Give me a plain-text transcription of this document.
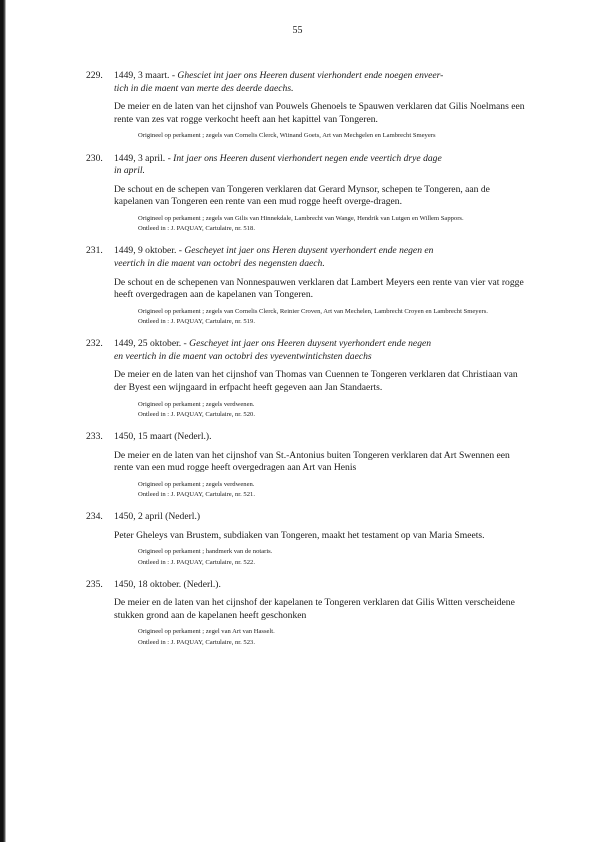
55
229. 1449, 3 maart. - Ghesciet int jaer ons Heeren dusent vierhondert ende noegen enveer-
tich in die maent van merte des deerde daechs.
De meier en de laten van het cijnshof van Pouwels Ghenoels te Spauwen verklaren dat Gilis Noelmans een rente van zes vat rogge verkocht heeft aan het kapittel van Tongeren.
Origineel op perkament ; zegels van Cornelis Clerck, Wiinand Goets, Art van Mechgelen en Lambrecht Smeyers
230. 1449, 3 april. - Int jaer ons Heeren dusent vierhondert negen ende veertich drye dage
in april.
De schout en de schepen van Tongeren verklaren dat Gerard Mynsor, schepen te Tongeren, aan de kapelanen van Tongeren een rente van een mud rogge heeft overge-dragen.
Origineel op perkament ; zegels van Gilis van Hinnekdale, Lambrecht van Wange, Hendrik van Lutgen en Willem Sappors.
Ontleed in : J. PAQUAY, Cartulaire, nr. 518.
231. 1449, 9 oktober. - Gescheyet int jaer ons Heren duysent vyerhondert ende negen en
veertich in die maent van octobri des negensten daech.
De schout en de schepenen van Nonnespauwen verklaren dat Lambert Meyers een rente van vier vat rogge heeft overgedragen aan de kapelanen van Tongeren.
Origineel op perkament ; zegels van Cornelis Clerck, Reinier Croven, Art van Mechelen, Lambrecht Croyen en Lambrecht Smeyers.
Ontleed in : J. PAQUAY, Cartulaire, nr. 519.
232. 1449, 25 oktober. - Gescheyet int jaer ons Heeren duysent vyerhondert ende negen
en veertich in die maent van octobri des vyeventwintichsten daechs
De meier en de laten van het cijnshof van Thomas van Cuennen te Tongeren verklaren dat Christiaan van der Byest een wijngaard in erfpacht heeft gegeven aan Jan Standaerts.
Origineel op perkament ; zegels verdwenen.
Ontleed in : J. PAQUAY, Cartulaire, nr. 520.
233. 1450, 15 maart (Nederl.).
De meier en de laten van het cijnshof van St.-Antonius buiten Tongeren verklaren dat Art Swennen een rente van een mud rogge heeft overgedragen aan Art van Henis
Origineel op perkament ; zegels verdwenen.
Ontleed in : J. PAQUAY, Cartulaire, nr. 521.
234. 1450, 2 april (Nederl.)
Peter Gheleys van Brustem, subdiaken van Tongeren, maakt het testament op van Maria Smeets.
Origineel op perkament ; handmerk van de notaris.
Ontleed in : J. PAQUAY, Cartulaire, nr. 522.
235. 1450, 18 oktober. (Nederl.).
De meier en de laten van het cijnshof der kapelanen te Tongeren verklaren dat Gilis Witten verscheidene stukken grond aan de kapelanen heeft geschonken
Origineel op perkament ; zegel van Art van Hasselt.
Ontleed in : J. PAQUAY, Cartulaire, nr. 523.
